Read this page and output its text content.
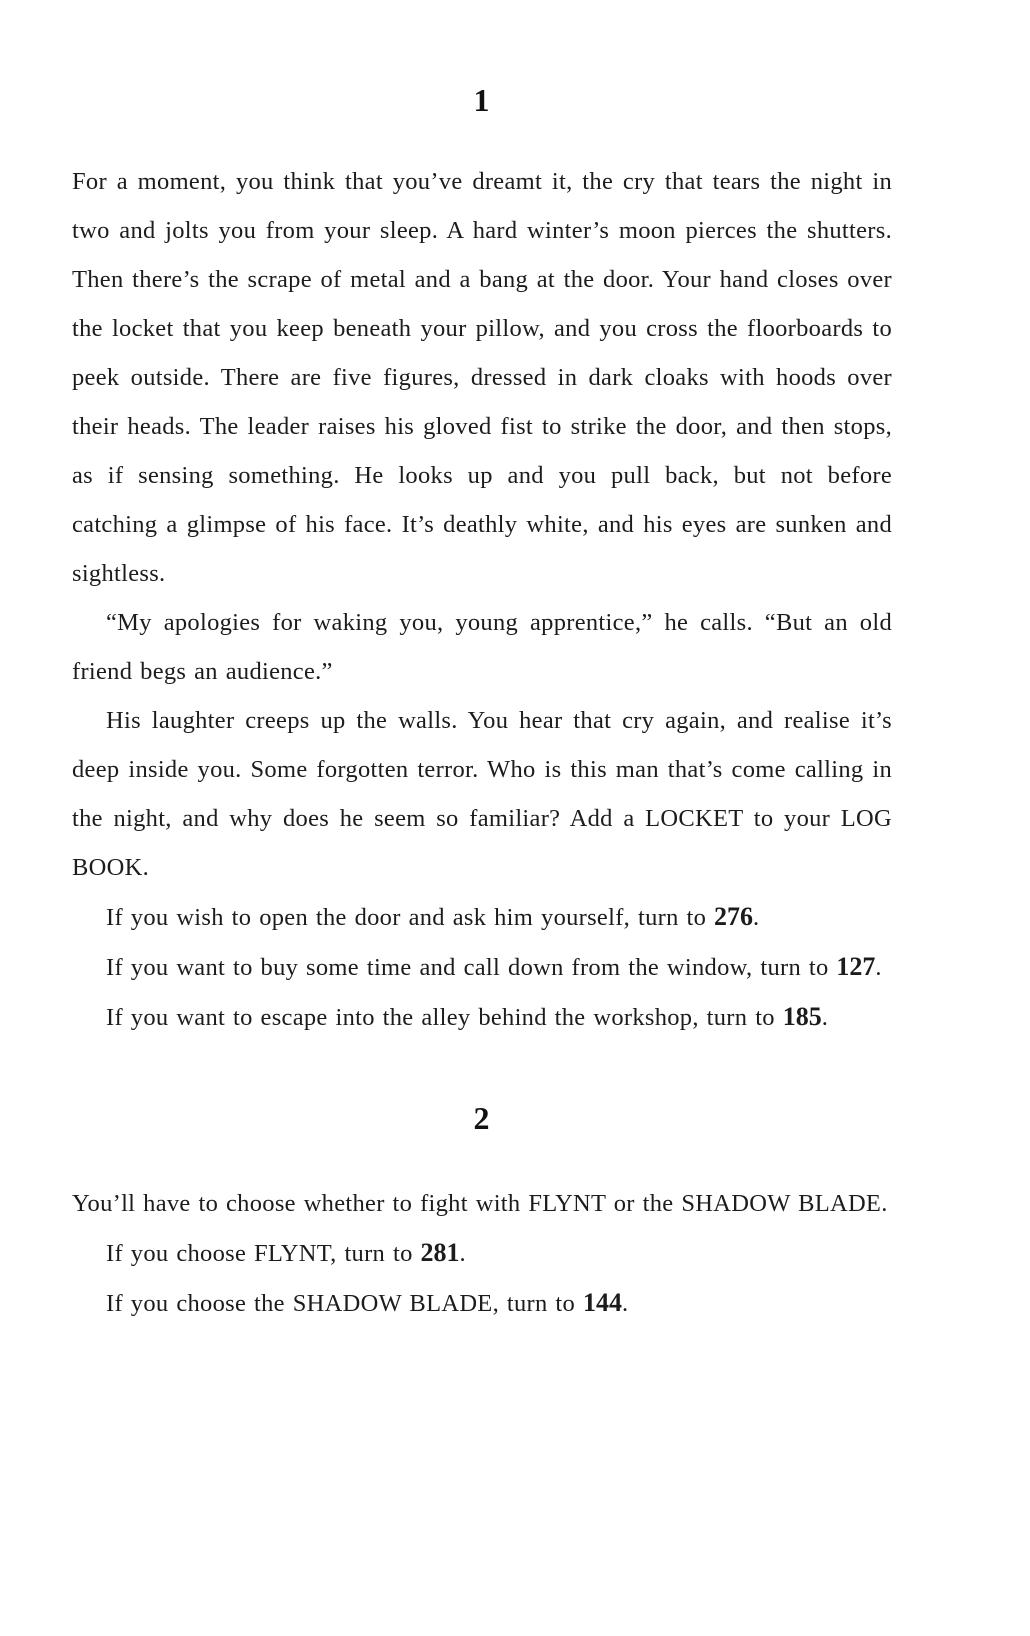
1

For a moment, you think that you’ve dreamt it, the cry that tears the night in two and jolts you from your sleep. A hard winter’s moon pierces the shutters. Then there’s the scrape of metal and a bang at the door. Your hand closes over the locket that you keep beneath your pillow, and you cross the floorboards to peek outside. There are five figures, dressed in dark cloaks with hoods over their heads. The leader raises his gloved fist to strike the door, and then stops, as if sensing something. He looks up and you pull back, but not before catching a glimpse of his face. It’s deathly white, and his eyes are sunken and sightless.

“My apologies for waking you, young apprentice,” he calls. “But an old friend begs an audience.”

His laughter creeps up the walls. You hear that cry again, and realise it’s deep inside you. Some forgotten terror. Who is this man that’s come calling in the night, and why does he seem so familiar? Add a LOCKET to your LOG BOOK.

If you wish to open the door and ask him yourself, turn to 276.

If you want to buy some time and call down from the window, turn to 127.

If you want to escape into the alley behind the workshop, turn to 185.

2

You’ll have to choose whether to fight with FLYNT or the SHADOW BLADE.

If you choose FLYNT, turn to 281.

If you choose the SHADOW BLADE, turn to 144.
